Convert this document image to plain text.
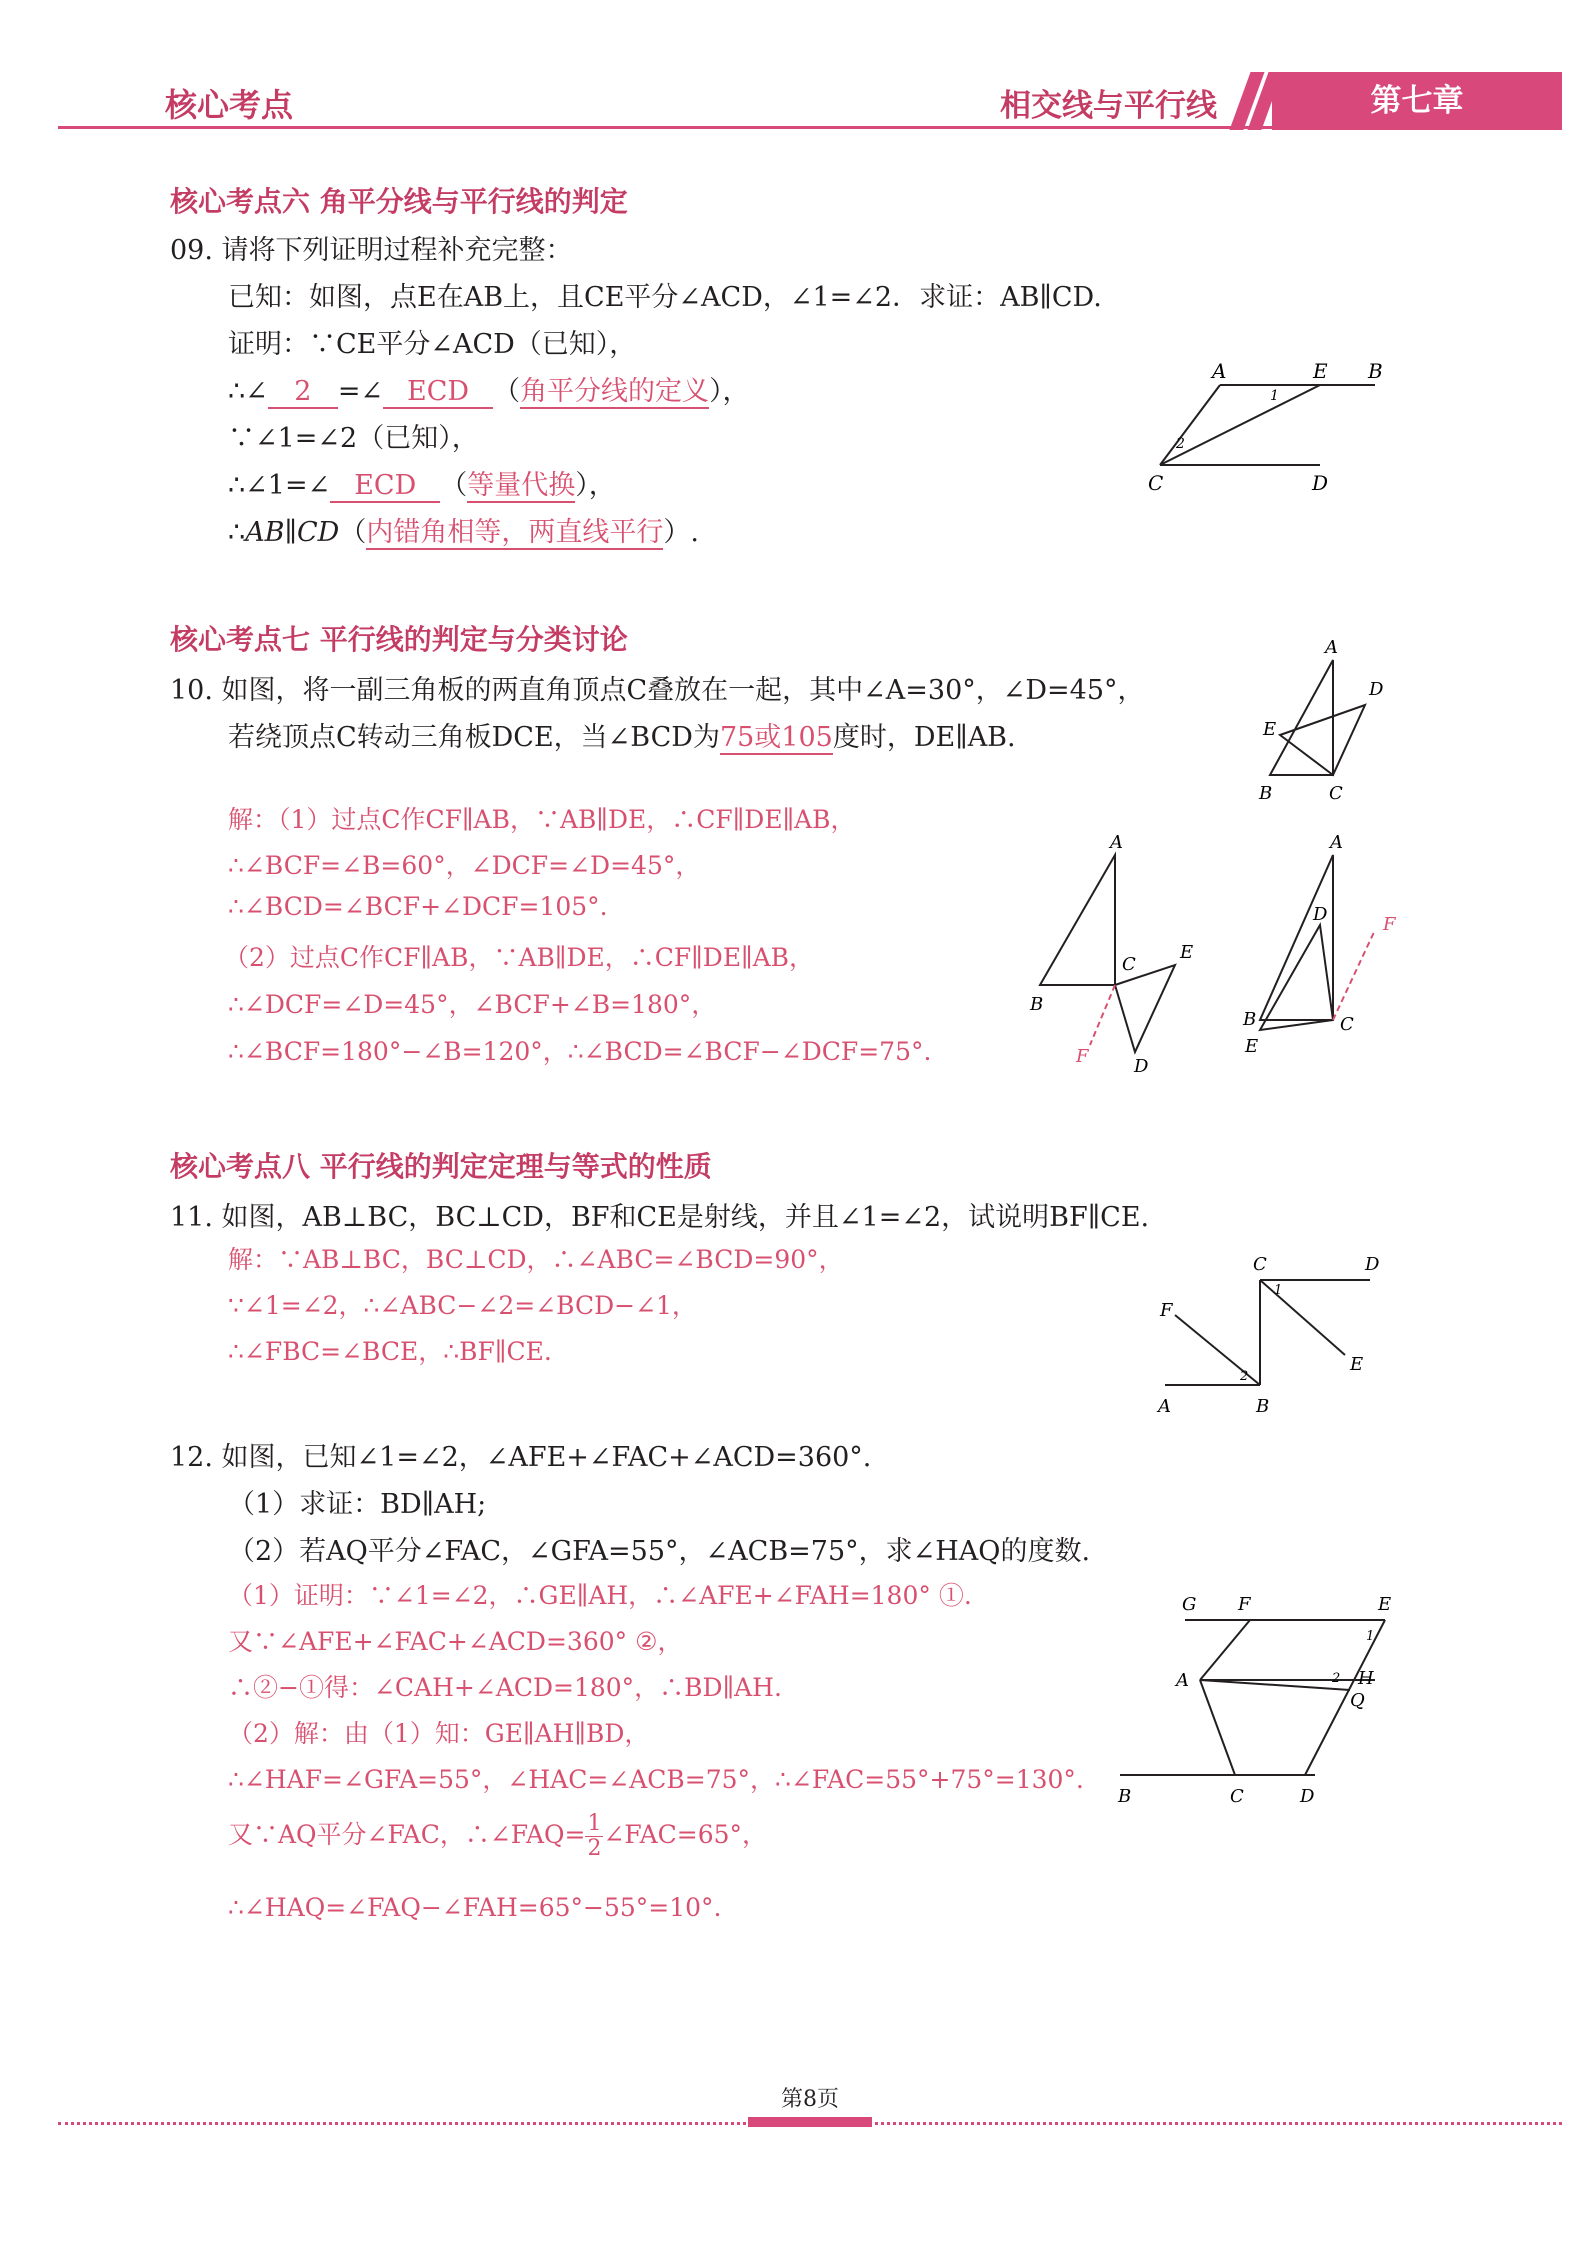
核心考点	相交线与平行线	第七章
核心考点六 角平分线与平行线的判定
09. 请将下列证明过程补充完整：
已知：如图，点E在AB上，且CE平分∠ACD，∠1=∠2．求证：AB∥CD.
证明：∵CE平分∠ACD（已知），
∴∠ 2 =∠ ECD （角平分线的定义），
∵∠1=∠2（已知），
∴∠1=∠ ECD （等量代换），
∴AB∥CD（内错角相等，两直线平行）.
A	E B
C	D
1
2
核心考点七 平行线的判定与分类讨论
10. 如图，将一副三角板的两直角顶点C叠放在一起，其中∠A=30°，∠D=45°，
若绕顶点C转动三角板DCE，当∠BCD为75或105度时，DE∥AB.
A
D
E
B	C
解：（1）过点C作CF∥AB，∵AB∥DE，∴CF∥DE∥AB，
∴∠BCF=∠B=60°，∠DCF=∠D=45°，
∴∠BCD=∠BCF+∠DCF=105°.
（2）过点C作CF∥AB，∵AB∥DE，∴CF∥DE∥AB，
∴∠DCF=∠D=45°，∠BCF+∠B=180°，
∴∠BCF=180°−∠B=120°，∴∠BCD=∠BCF−∠DCF=75°.
A
B
C
E
D
F
A
D	F
B	C
E
核心考点八 平行线的判定定理与等式的性质
11. 如图，AB⊥BC，BC⊥CD，BF和CE是射线，并且∠1=∠2，试说明BF∥CE.
解：∵AB⊥BC，BC⊥CD，∴∠ABC=∠BCD=90°，
∵∠1=∠2，∴∠ABC−∠2=∠BCD−∠1，
∴∠FBC=∠BCE，∴BF∥CE.
C	D
F
E
A	B
1
2
12. 如图，已知∠1=∠2，∠AFE+∠FAC+∠ACD=360°.
（1）求证：BD∥AH;
（2）若AQ平分∠FAC，∠GFA=55°，∠ACB=75°，求∠HAQ的度数.
（1）证明：∵∠1=∠2，∴GE∥AH，∴∠AFE+∠FAH=180° ①.
又∵∠AFE+∠FAC+∠ACD=360° ②，
∴②−①得：∠CAH+∠ACD=180°，∴BD∥AH.
（2）解：由（1）知：GE∥AH∥BD，
∴∠HAF=∠GFA=55°，∠HAC=∠ACB=75°，∴∠FAC=55°+75°=130°.
又∵AQ平分∠FAC，∴∠FAQ= $\frac{1}{2}$ ∠FAC=65°，
∴∠HAQ=∠FAQ−∠FAH=65°−55°=10°.
G F	E
A	H
Q
B	C	D
1
2
第8页
